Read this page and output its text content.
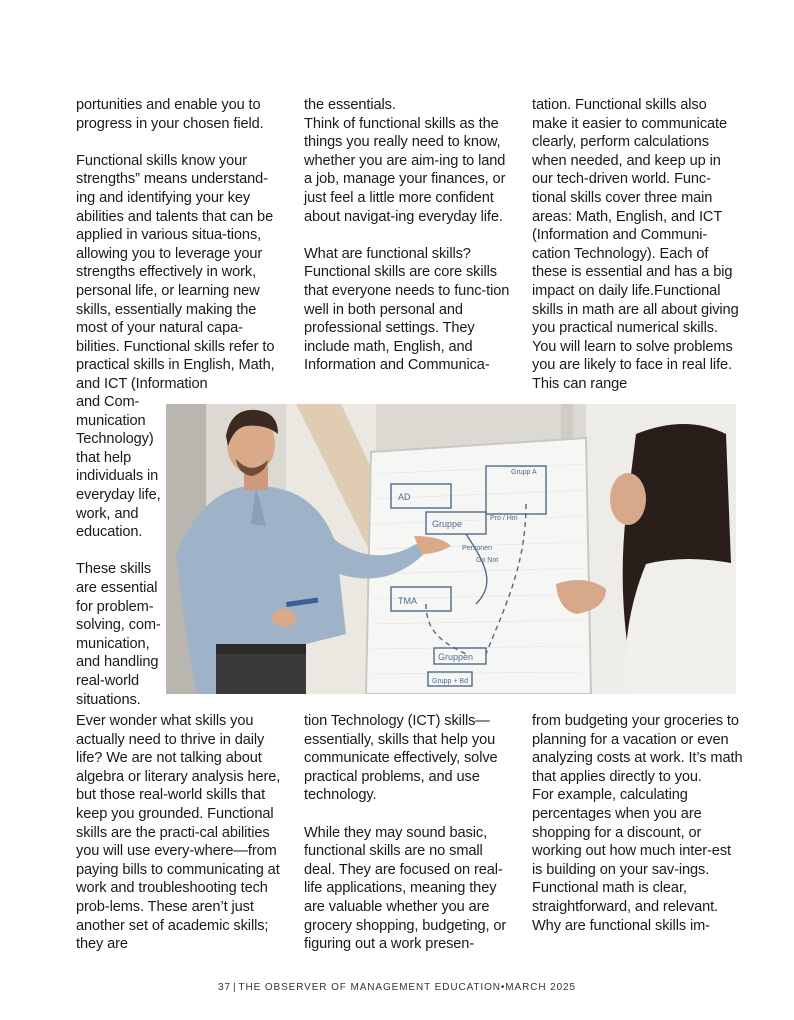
portunities and enable you to progress in your chosen field.

Functional skills know your strengths” means understand-ing and identifying your key abilities and talents that can be applied in various situa-tions, allowing you to leverage your strengths effectively in work, personal life, or learning new skills, essentially making the most of your natural capa-bilities. Functional skills refer to practical skills in English, Math, and ICT (Information

and Com-munication Technology) that help individuals in everyday life, work, and education.

These skills are essential for problem-solving, com-munication, and handling real-world situations.

the essentials.

Think of functional skills as the things you really need to know, whether you are aim-ing to land a job, manage your finances, or just feel a little more confident about navigat-ing everyday life.

What are functional skills?

Functional skills are core skills that everyone needs to func-tion well in both personal and professional settings. They include math, English, and Information and Communica-

tation. Functional skills also make it easier to communicate clearly, perform calculations when needed, and keep up in our tech-driven world. Func-tional skills cover three main areas: Math, English, and ICT (Information and Communi-cation Technology). Each of these is essential and has a big impact on daily life.Functional skills in math are all about giving you practical numerical skills. You will learn to solve problems you are likely to face in real life. This can range

AD
Gruppe
TMA
Gruppen
Grupp + Bd
Grupp A
Pro / Hm
Personen
Go Not

Ever wonder what skills you actually need to thrive in daily life? We are not talking about algebra or literary analysis here, but those real-world skills that keep you grounded. Functional skills are the practi-cal abilities you will use every-where—from paying bills to communicating at work and troubleshooting tech prob-lems. These aren’t just another set of academic skills; they are

tion Technology (ICT) skills—essentially, skills that help you communicate effectively, solve practical problems, and use technology.

While they may sound basic, functional skills are no small deal. They are focused on real-life applications, meaning they are valuable whether you are grocery shopping, budgeting, or figuring out a work presen-

from budgeting your groceries to planning for a vacation or even analyzing costs at work. It’s math that applies directly to you.

For example, calculating percentages when you are shopping for a discount, or working out how much inter-est is building on your sav-ings. Functional math is clear, straightforward, and relevant. Why are functional skills im-

37 | THE OBSERVER OF MANAGEMENT EDUCATION•MARCH 2025
